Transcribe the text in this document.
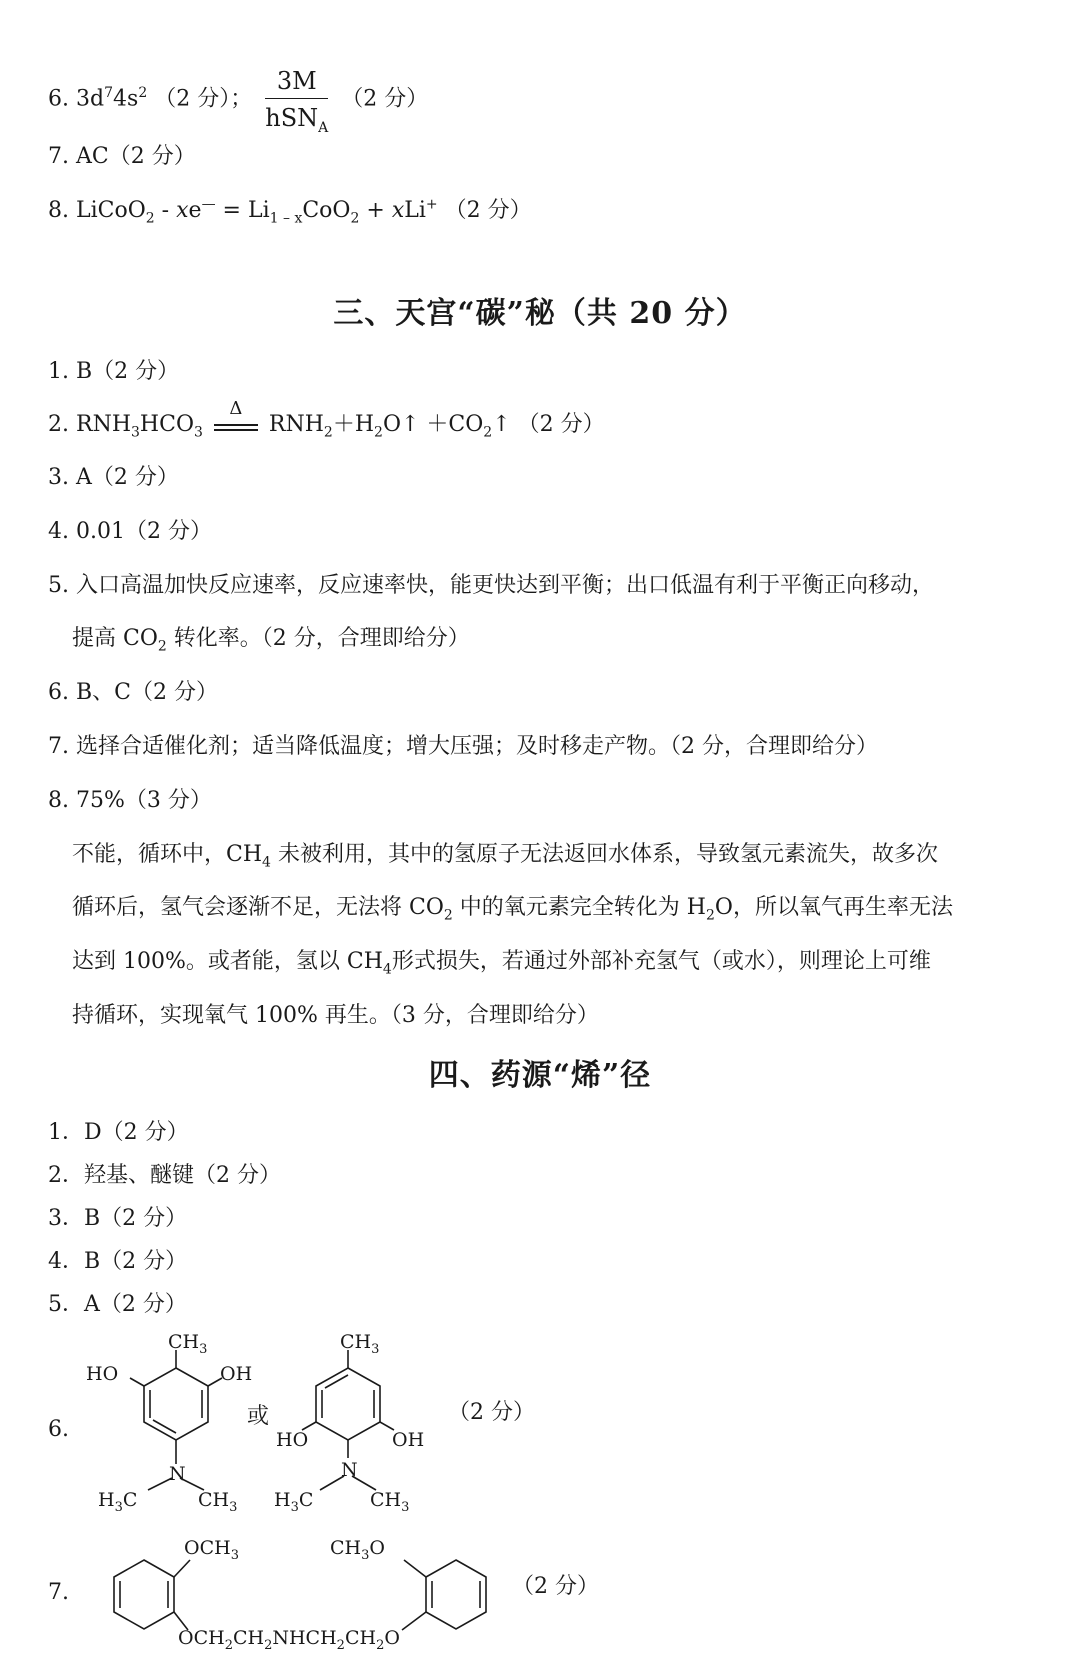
6. $3d^74s^2$ （2 分）； $\frac{3M}{hSN_A} (2$ 分）
7. AC（2 分）
8. LiCoO$_2$ - $xe^— = Li_{1 - x}CoO_2 + xLi^+$ （2 分）
三、天宫“碳”秘（共 20 分）
1. B（2 分）
2. $RNH_3HCO_3$
Δ
$RNH_2+H_2O↑$ $+CO_2↑$ （2 分）
3. A（2 分）
4. 0.01（2 分）
5. 入口高温加快反应速率，反应速率快，能更快达到平衡；出口低温有利于平衡正向移动，
提高 $CO_2$ 转化率。（2 分，合理即给分）
6. B、C（2 分）
7. 选择合适催化剂；适当降低温度；增大压强；及时移走产物。（2 分，合理即给分）
8. 75%（3 分）
不能，循环中，$CH_4$ 未被利用，其中的氢原子无法返回水体系，导致氢元素流失，故多次
循环后，氢气会逐渐不足，无法将 $CO_2$ 中的氧元素完全转化为 $H_2O$，所以氧气再生率无法
达到 100%。或者能，氢以 $CH_4$形式损失，若通过外部补充氢气（或水），则理论上可维
持循环，实现氧气 100% 再生。（3 分，合理即给分）
四、药源“烯”径
1．D（2 分）
2．羟基、醚键（2 分）
3．B（2 分）
4．B（2 分）
5．A（2 分）
6.
$CH_3$
HO	OH
N
$H_3C$	$CH_3$
或
$CH_3$
HO	OH
N
$H_3C$	$CH_3$
（2 分）
7.
$OCH_3$	$CH_3O$
$OCH_2CH_2NHCH_2CH_2O$
（2 分）
